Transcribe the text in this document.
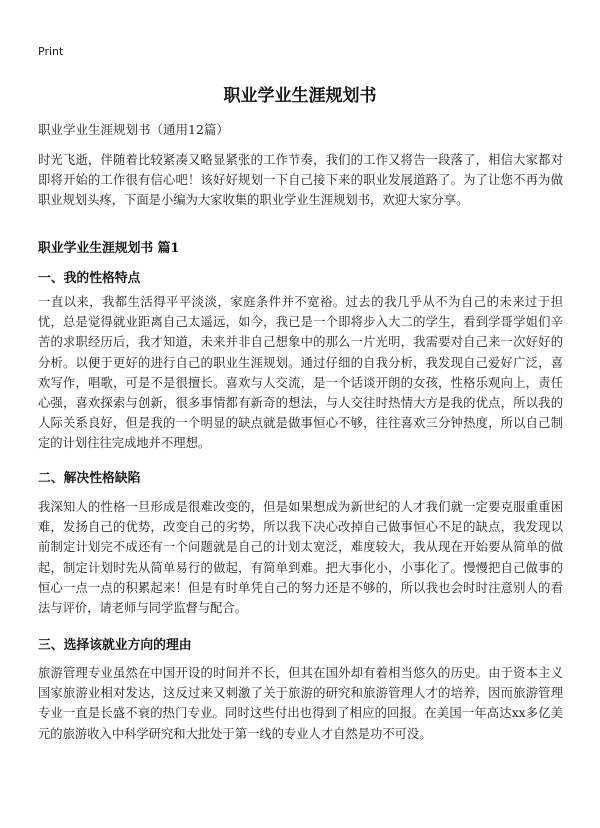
Print
职业学业生涯规划书
职业学业生涯规划书（通用12篇）

时光飞逝，伴随着比较紧凑又略显紧张的工作节奏，我们的工作又将告一段落了，相信大家都对即将开始的工作很有信心吧！该好好规划一下自己接下来的职业发展道路了。为了让您不再为做职业规划头疼，下面是小编为大家收集的职业学业生涯规划书，欢迎大家分享。

职业学业生涯规划书 篇1
一、我的性格特点

一直以来，我都生活得平平淡淡，家庭条件并不宽裕。过去的我几乎从不为自己的未来过于担忧，总是觉得就业距离自己太遥远，如今，我已是一个即将步入大二的学生，看到学哥学姐们辛苦的求职经历后，我才知道，未来并非自己想象中的那么一片光明，我需要对自己来一次好好的分析。以便于更好的进行自己的职业生涯规划。通过仔细的自我分析，我发现自己爱好广泛，喜欢写作，唱歌，可是不是很擅长。喜欢与人交流，是一个话谈开朗的女孩，性格乐观向上，责任心强，喜欢探索与创新，很多事情都有新奇的想法，与人交往时热情大方是我的优点，所以我的人际关系良好，但是我的一个明显的缺点就是做事恒心不够，往往喜欢三分钟热度，所以自己制定的计划往往完成地并不理想。

二、解决性格缺陷

我深知人的性格一旦形成是很难改变的，但是如果想成为新世纪的人才我们就一定要克服重重困难，发扬自己的优势，改变自己的劣势，所以我下决心改掉自己做事恒心不足的缺点，我发现以前制定计划完不成还有一个问题就是自己的计划太宽泛，难度较大，我从现在开始要从简单的做起，制定计划时先从简单易行的做起，有简单到难。把大事化小，小事化了。慢慢把自己做事的恒心一点一点的积累起来！但是有时单凭自己的努力还是不够的，所以我也会时时注意别人的看法与评价，请老师与同学监督与配合。

三、选择该就业方向的理由

旅游管理专业虽然在中国开设的时间并不长，但其在国外却有着相当悠久的历史。由于资本主义国家旅游业相对发达，这反过来又刺激了关于旅游的研究和旅游管理人才的培养，因而旅游管理专业一直是长盛不衰的热门专业。同时这些付出也得到了相应的回报。在美国一年高达xx多亿美元的旅游收入中科学研究和大批处于第一线的专业人才自然是功不可没。
